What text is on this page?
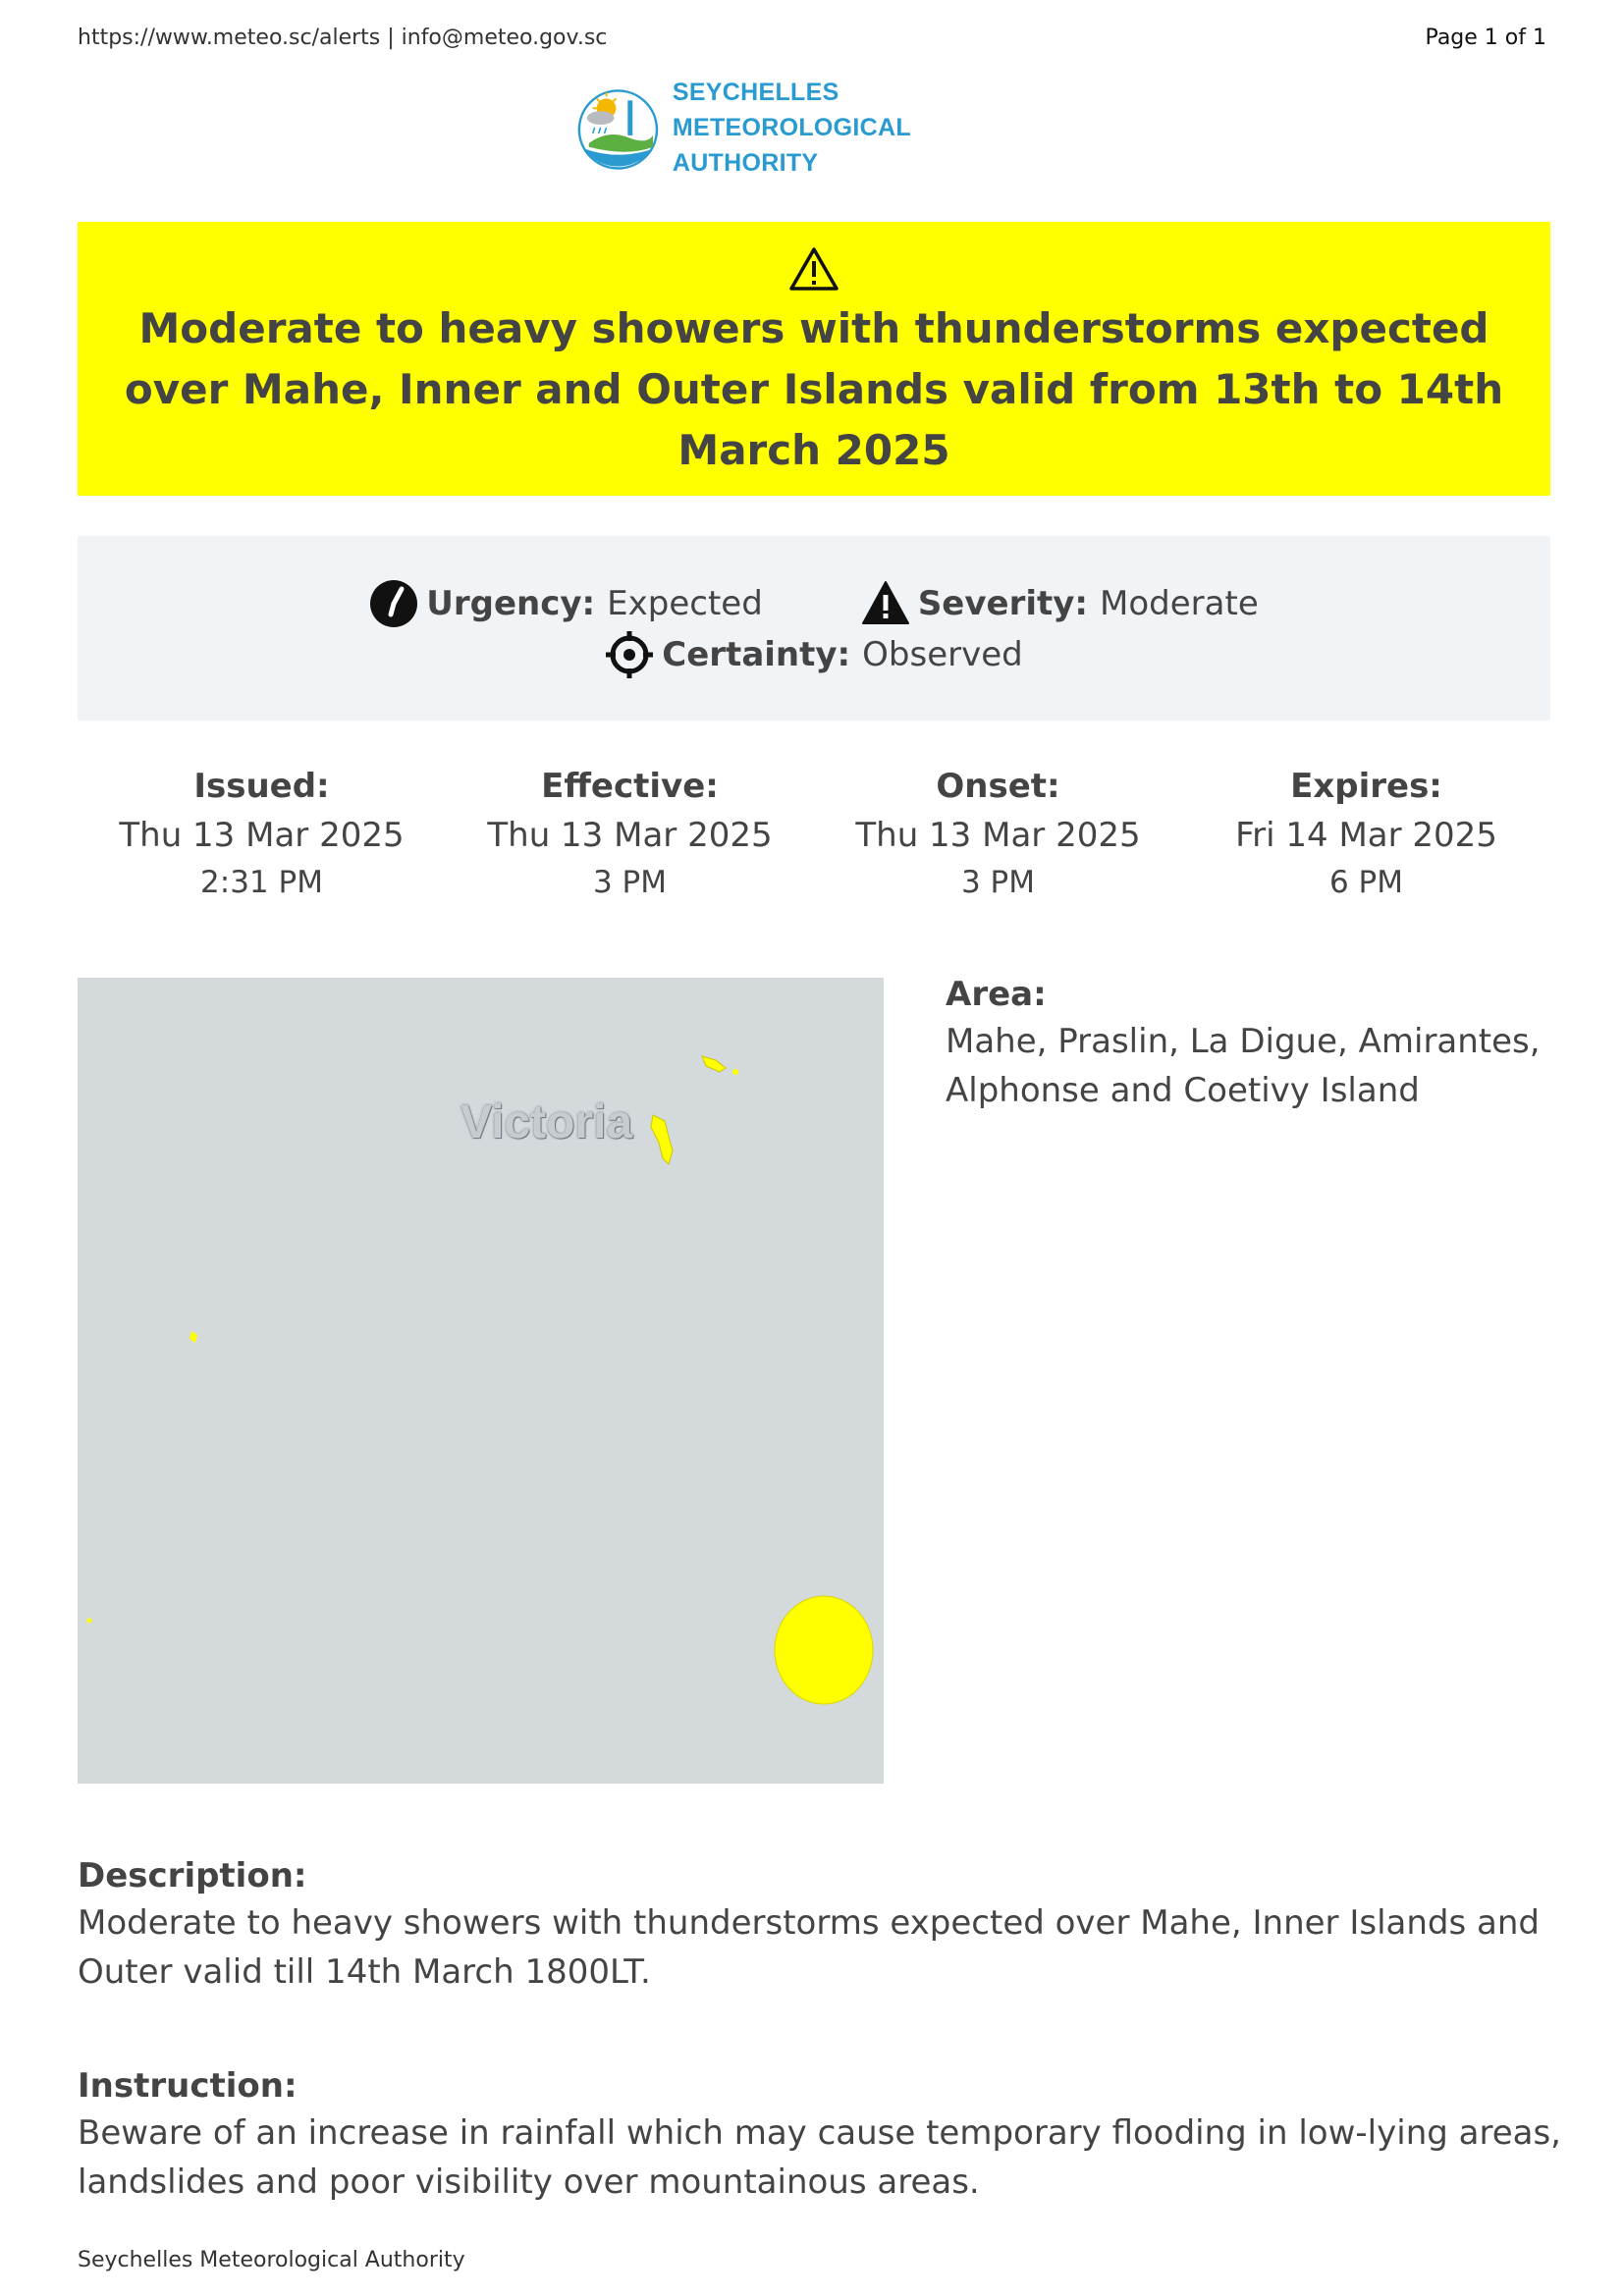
https://www.meteo.sc/alerts | info@meteo.gov.sc	Page 1 of 1
SEYCHELLES METEOROLOGICAL
AUTHORITY
Moderate to heavy showers with thunderstorms expected over Mahe, Inner and Outer Islands valid from 13th to 14th March 2025
Urgency: Expected	Severity: Moderate
Certainty: Observed
Issued:
Thu 13 Mar 2025
2:31 PM
Effective:
Thu 13 Mar 2025
3 PM
Onset:
Thu 13 Mar 2025
3 PM
Expires:
Fri 14 Mar 2025
6 PM
Victoria
Area:
Mahe, Praslin, La Digue, Amirantes, Alphonse and Coetivy Island
Description:
Moderate to heavy showers with thunderstorms expected over Mahe, Inner Islands and Outer valid till 14th March 1800LT.
Instruction:
Beware of an increase in rainfall which may cause temporary flooding in low-lying areas, landslides and poor visibility over mountainous areas.
Seychelles Meteorological Authority
